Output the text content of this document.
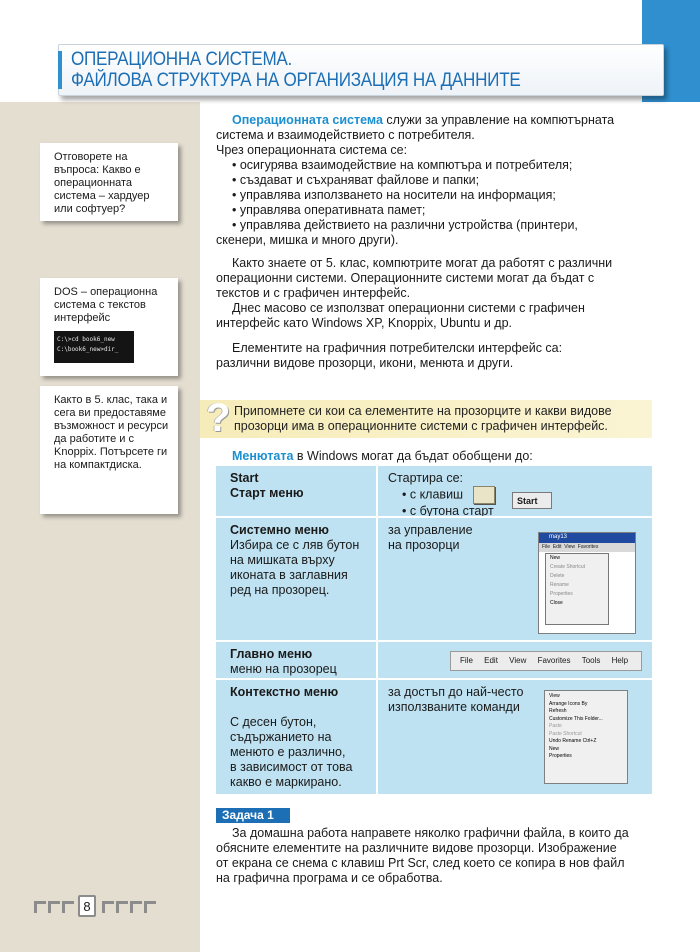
ОПЕРАЦИОННА СИСТЕМА.
ФАЙЛОВА СТРУКТУРА НА ОРГАНИЗАЦИЯ НА ДАННИТЕ
Отговорете на въпроса: Какво е операционната система – хардуер или софтуер?
DOS – операционна система с текстов интерфейс
C:\>cd book6_new
C:\book6_new>dir_
Както в 5. клас, така и сега ви предоставяме възможност и ресурси да работите и с Knoppix. Потърсете ги на компактдиска.
Операционната система служи за управление на компютърната
система и взаимодействието с потребителя.
Чрез операционната система се:
• осигурява взаимодействие на компютъра и потребителя;
• създават и съхраняват файлове и папки;
• управлява използването на носители на информация;
• управлява оперативната памет;
• управлява действието на различни устройства (принтери,
скенери, мишка и много други).
Както знаете от 5. клас, компютрите могат да работят с различни
операционни системи. Операционните системи могат да бъдат с
текстов и с графичен интерфейс.
Днес масово се използват операционни системи с графичен
интерфейс като Windows XP, Knoppix, Ubuntu и др.
Елементите на графичния потребителски интерфейс са:
различни видове прозорци, икони, менюта и други.
? Припомнете си кои са елементите на прозорците и какви видове
прозорци има в операционните системи с графичен интерфейс.
Менютата в Windows могат да бъдат обобщени до:
Start
Старт меню
Стартира се:
• с клавиш
• с бутона старт
Start
Системно меню
Избира се с ляв бутон
на мишката върху
иконата в заглавния
ред на прозорец.
за управление
на прозорци
may13
File Edit View Favorites
New
Create Shortcut
Delete
Rename
Properties
Close
Главно меню
меню на прозорец
File Edit View Favorites Tools Help
Контекстно меню
С десен бутон,
съдържанието на
менюто е различно,
в зависимост от това
какво е маркирано.
за достъп до най-често
използваните команди
View
Arrange Icons By
Refresh
Customize This Folder...
Paste
Paste Shortcut
Undo Rename Ctrl+Z
New
Properties
Задача 1
За домашна работа направете няколко графични файла, в които да
обясните елементите на различните видове прозорци. Изображение
от екрана се снема с клавиш Prt Scr, след което се копира в нов файл
на графична програма и се обработва.
8
